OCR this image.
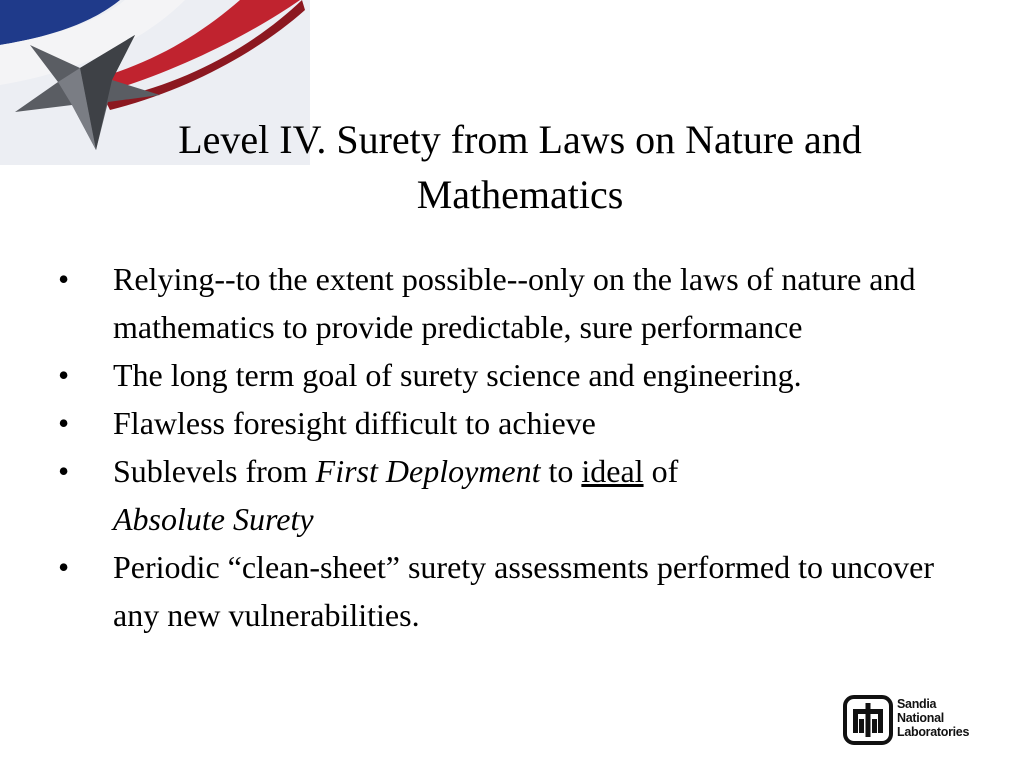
Level IV. Surety from Laws on Nature and
Mathematics
• Relying--to the extent possible--only on the laws of nature and mathematics to provide predictable, sure performance
• The long term goal of surety science and engineering.
• Flawless foresight difficult to achieve
• Sublevels from First Deployment to ideal of
Absolute Surety
• Periodic “clean-sheet” surety assessments performed to uncover any new vulnerabilities.
Sandia
National
Laboratories
